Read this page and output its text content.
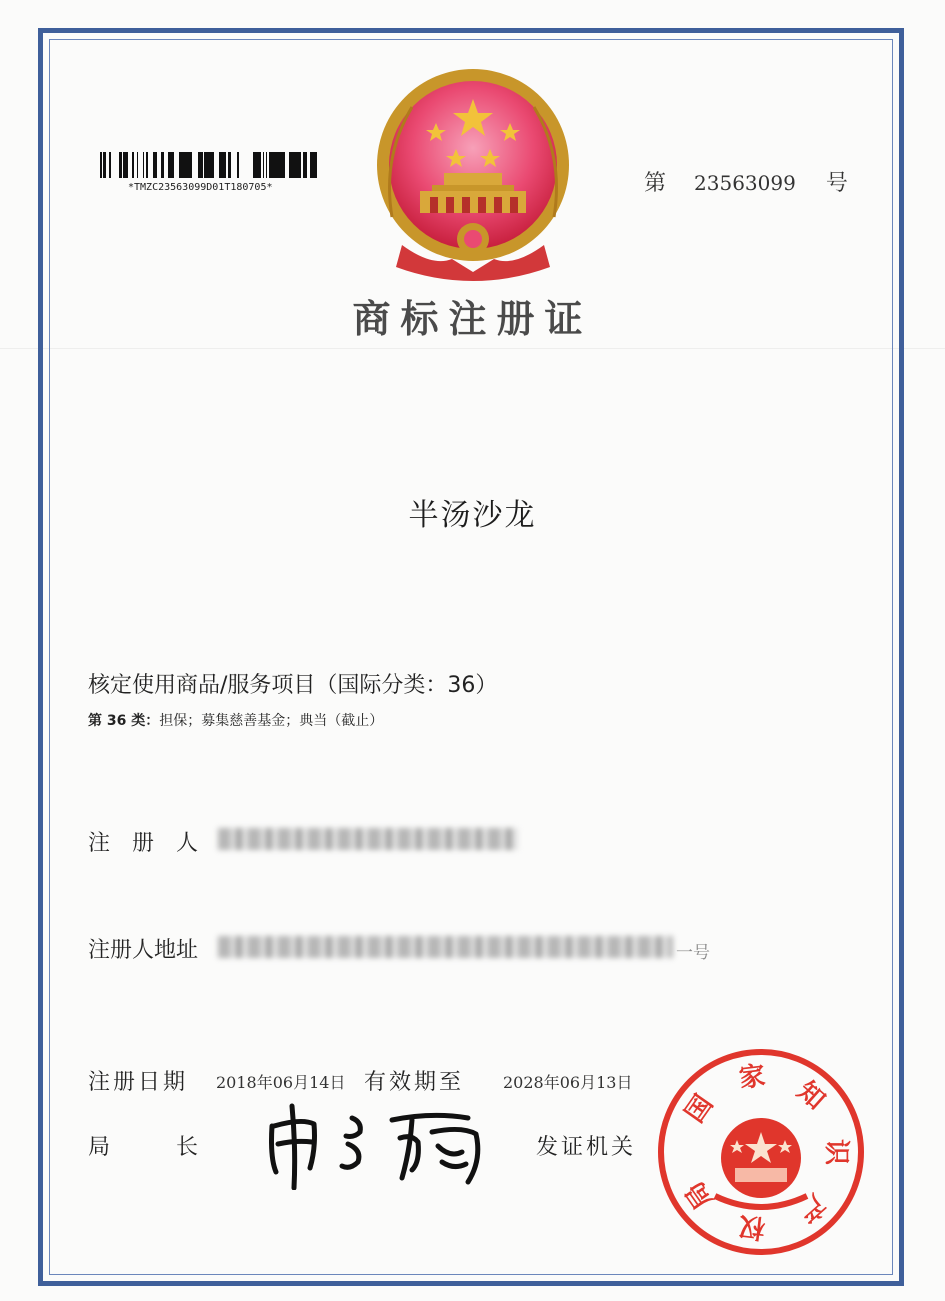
*TMZC23563099D01T180705*	第 23563099 号
商标注册证
半汤沙龙
核定使用商品/服务项目（国际分类：36）
第 36 类：担保；募集慈善基金；典当（截止）
注　册　人
注册人地址	一号
注册日期 2018年06月14日 有效期至 2028年06月13日
局　　　长	发证机关
国
家 知
识
产
权
局
